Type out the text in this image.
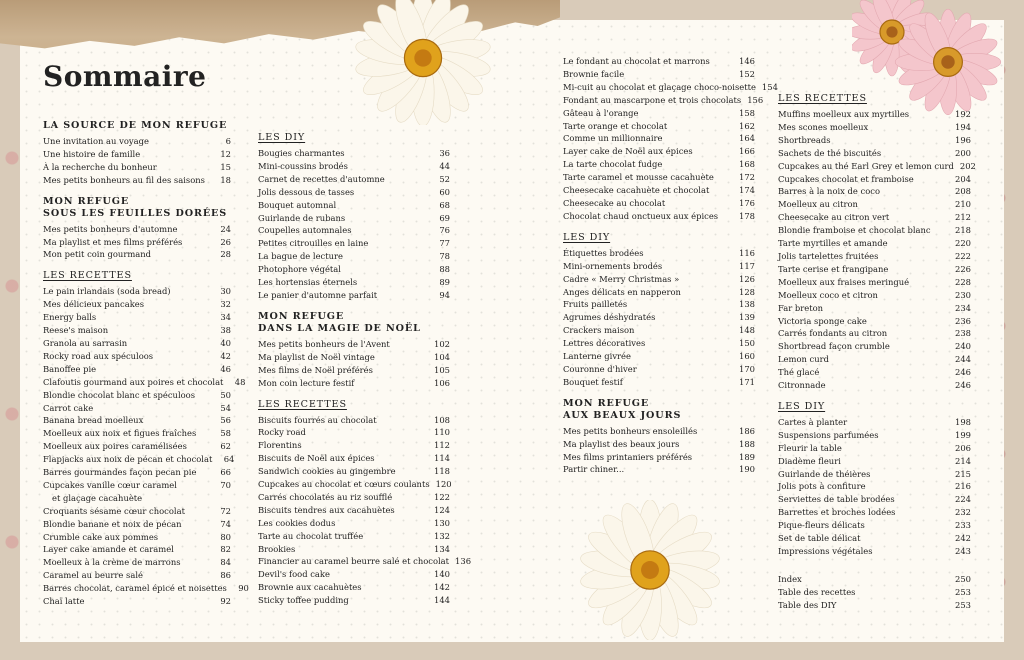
Sommaire
LA SOURCE DE MON REFUGE
Une invitation au voyage	6
Une histoire de famille	12
À la recherche du bonheur	15
Mes petits bonheurs au fil des saisons	18
MON REFUGE
SOUS LES FEUILLES DORÉES
Mes petits bonheurs d'automne	24
Ma playlist et mes films préférés	26
Mon petit coin gourmand	28
LES RECETTES
Le pain irlandais (soda bread)	30
Mes délicieux pancakes	32
Energy balls	34
Reese's maison	38
Granola au sarrasin	40
Rocky road aux spéculoos	42
Banoffee pie	46
Clafoutis gourmand aux poires et chocolat	48
Blondie chocolat blanc et spéculoos	50
Carrot cake	54
Banana bread moelleux	56
Moelleux aux noix et figues fraîches	58
Moelleux aux poires caramélisées	62
Flapjacks aux noix de pécan et chocolat	64
Barres gourmandes façon pecan pie	66
Cupcakes vanille cœur caramel	70
et glaçage cacahuète
Croquants sésame cœur chocolat	72
Blondie banane et noix de pécan	74
Crumble cake aux pommes	80
Layer cake amande et caramel	82
Moelleux à la crème de marrons	84
Caramel au beurre salé	86
Barres chocolat, caramel épicé et noisettes	90
Chaï latte	92
LES DIY
Bougies charmantes	36
Mini-coussins brodés	44
Carnet de recettes d'automne	52
Jolis dessous de tasses	60
Bouquet automnal	68
Guirlande de rubans	69
Coupelles automnales	76
Petites citrouilles en laine	77
La bague de lecture	78
Photophore végétal	88
Les hortensias éternels	89
Le panier d'automne parfait	94
MON REFUGE
DANS LA MAGIE DE NOËL
Mes petits bonheurs de l'Avent	102
Ma playlist de Noël vintage	104
Mes films de Noël préférés	105
Mon coin lecture festif	106
LES RECETTES
Biscuits fourrés au chocolat	108
Rocky road	110
Florentins	112
Biscuits de Noël aux épices	114
Sandwich cookies au gingembre	118
Cupcakes au chocolat et cœurs coulants 120
Carrés chocolatés au riz soufflé	122
Biscuits tendres aux cacahuètes	124
Les cookies dodus	130
Tarte au chocolat truffée	132
Brookies	134
Financier au caramel beurre salé et chocolat 136
Devil's food cake	140
Brownie aux cacahuètes	142
Sticky toffee pudding	144
Le fondant au chocolat et marrons	146
Brownie facile	152
Mi-cuit au chocolat et glaçage choco-noisette 154
Fondant au mascarpone et trois chocolats 156
Gâteau à l'orange	158
Tarte orange et chocolat	162
Comme un millionnaire	164
Layer cake de Noël aux épices	166
La tarte chocolat fudge	168
Tarte caramel et mousse cacahuète	172
Cheesecake cacahuète et chocolat	174
Cheesecake au chocolat	176
Chocolat chaud onctueux aux épices	178
LES DIY
Étiquettes brodées	116
Mini-ornements brodés	117
Cadre « Merry Christmas »	126
Anges délicats en napperon	128
Fruits pailletés	138
Agrumes déshydratés	139
Crackers maison	148
Lettres décoratives	150
Lanterne givrée	160
Couronne d'hiver	170
Bouquet festif	171
MON REFUGE
AUX BEAUX JOURS
Mes petits bonheurs ensoleillés	186
Ma playlist des beaux jours	188
Mes films printaniers préférés	189
Partir chiner...	190
LES RECETTES
Muffins moelleux aux myrtilles	192
Mes scones moelleux	194
Shortbreads	196
Sachets de thé biscuités	200
Cupcakes au thé Earl Grey et lemon curd 202
Cupcakes chocolat et framboise	204
Barres à la noix de coco	208
Moelleux au citron	210
Cheesecake au citron vert	212
Blondie framboise et chocolat blanc	218
Tarte myrtilles et amande	220
Jolis tartelettes fruitées	222
Tarte cerise et frangipane	226
Moelleux aux fraises meringué	228
Moelleux coco et citron	230
Far breton	234
Victoria sponge cake	236
Carrés fondants au citron	238
Shortbread façon crumble	240
Lemon curd	244
Thé glacé	246
Citronnade	246
LES DIY
Cartes à planter	198
Suspensions parfumées	199
Fleurir la table	206
Diadème fleuri	214
Guirlande de théières	215
Jolis pots à confiture	216
Serviettes de table brodées	224
Barrettes et broches lodées	232
Pique-fleurs délicats	233
Set de table délicat	242
Impressions végétales	243
Index	250
Table des recettes	253
Table des DIY	253
